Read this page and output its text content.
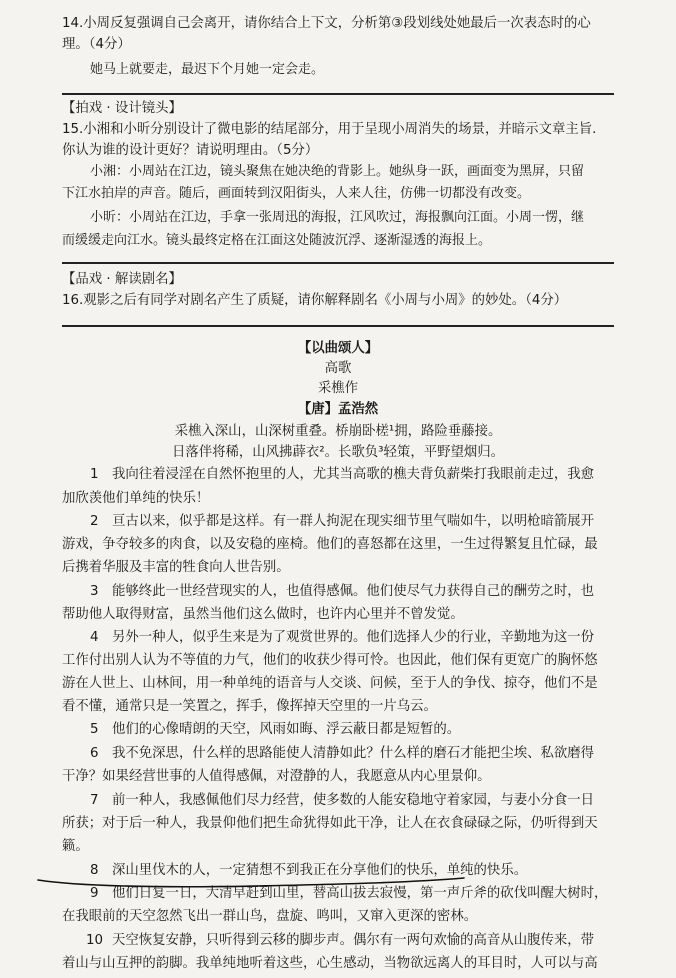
14.小周反复强调自己会离开，请你结合上下文，分析第③段划线处她最后一次表态时的心
理。（4分）
她马上就要走，最迟下个月她一定会走。
【拍戏 · 设计镜头】
15.小湘和小昕分别设计了微电影的结尾部分，用于呈现小周消失的场景，并暗示文章主旨.
你认为谁的设计更好？请说明理由。（5分）
小湘：小周站在江边，镜头聚焦在她决绝的背影上。她纵身一跃，画面变为黑屏，只留
下江水拍岸的声音。随后，画面转到汉阳街头，人来人往，仿佛一切都没有改变。
小昕：小周站在江边，手拿一张周迅的海报，江风吹过，海报飘向江面。小周一愣，继
而缓缓走向江水。镜头最终定格在江面这处随波沉浮、逐渐湿透的海报上。
【品戏 · 解读剧名】
16.观影之后有同学对剧名产生了质疑，请你解释剧名《小周与小周》的妙处。（4分）
【以曲颂人】
高歌
采樵作
【唐】孟浩然
采樵入深山，山深树重叠。桥崩卧槎¹拥，路险垂藤接。
日落伴将稀，山风拂薜衣²。长歌负³轻策，平野望烟归。
1 我向往着浸淫在自然怀抱里的人，尤其当高歌的樵夫背负薪柴打我眼前走过，我愈
加欣羡他们单纯的快乐！
2 亘古以来，似乎都是这样。有一群人拘泥在现实细节里气喘如牛，以明枪暗箭展开
游戏，争夺较多的肉食，以及安稳的座椅。他们的喜怒都在这里，一生过得繁复且忙碌，最
后携着华服及丰富的牲食向人世告别。
3 能够终此一世经营现实的人，也值得感佩。他们使尽气力获得自己的酬劳之时，也
帮助他人取得财富，虽然当他们这么做时，也许内心里并不曾发觉。
4 另外一种人，似乎生来是为了观赏世界的。他们选择人少的行业，辛勤地为这一份
工作付出别人认为不等值的力气，他们的收获少得可怜。也因此，他们保有更宽广的胸怀悠
游在人世上、山林间，用一种单纯的语音与人交谈、问候，至于人的争伐、掠夺，他们不是
看不懂，通常只是一笑置之，挥手，像挥掉天空里的一片乌云。
5 他们的心像晴朗的天空，风雨如晦、浮云蔽日都是短暂的。
6 我不免深思，什么样的思路能使人清静如此？什么样的磨石才能把尘埃、私欲磨得
干净？如果经营世事的人值得感佩，对澄静的人，我愿意从内心里景仰。
7 前一种人，我感佩他们尽力经营，使多数的人能安稳地守着家园，与妻小分食一日
所获；对于后一种人，我景仰他们把生命犹得如此干净，让人在衣食碌碌之际，仍听得到天
籁。
8 深山里伐木的人，一定猜想不到我正在分享他们的快乐，单纯的快乐。
9 他们日复一日，大清早赶到山里，替高山拔去寂慢，第一声斤斧的砍伐叫醒大树时，
在我眼前的天空忽然飞出一群山鸟，盘旋、鸣叫，又窜入更深的密林。
10 天空恢复安静，只听得到云移的脚步声。偶尔有一两句欢愉的高音从山腹传来，带
着山与山互押的韵脚。我单纯地听着这些，心生感动，当物欲远离人的耳目时，人可以与高
